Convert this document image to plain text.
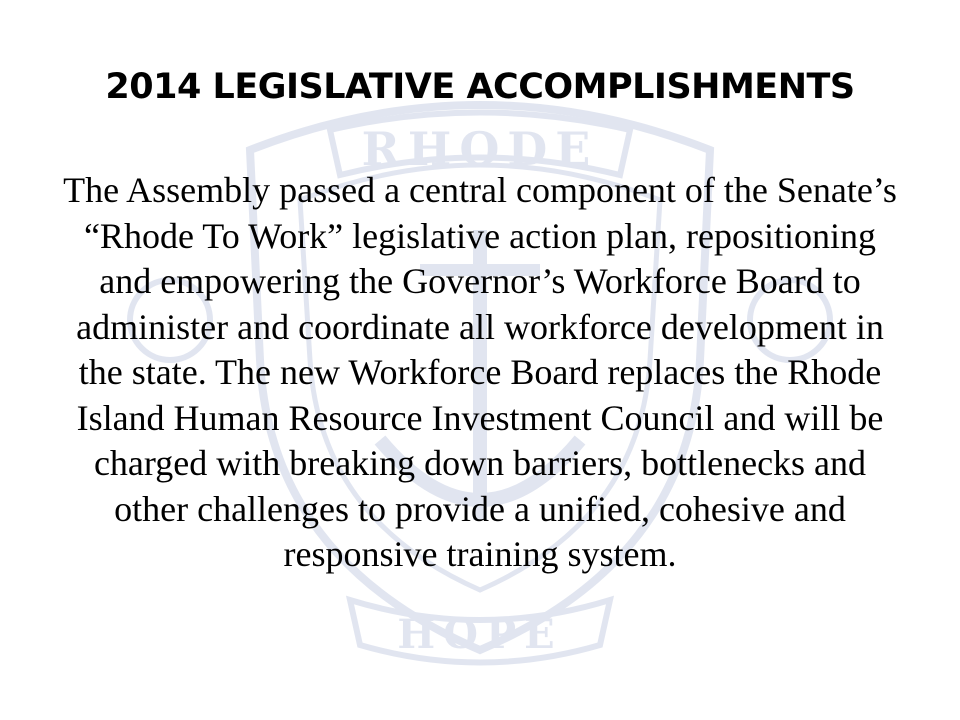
RHODE
HOPE
2014 LEGISLATIVE ACCOMPLISHMENTS
The Assembly passed a central component of the Senate’s “Rhode To Work” legislative action plan, repositioning and empowering the Governor’s Workforce Board to administer and coordinate all workforce development in the state. The new Workforce Board replaces the Rhode Island Human Resource Investment Council and will be charged with breaking down barriers, bottlenecks and other challenges to provide a unified, cohesive and responsive training system.
